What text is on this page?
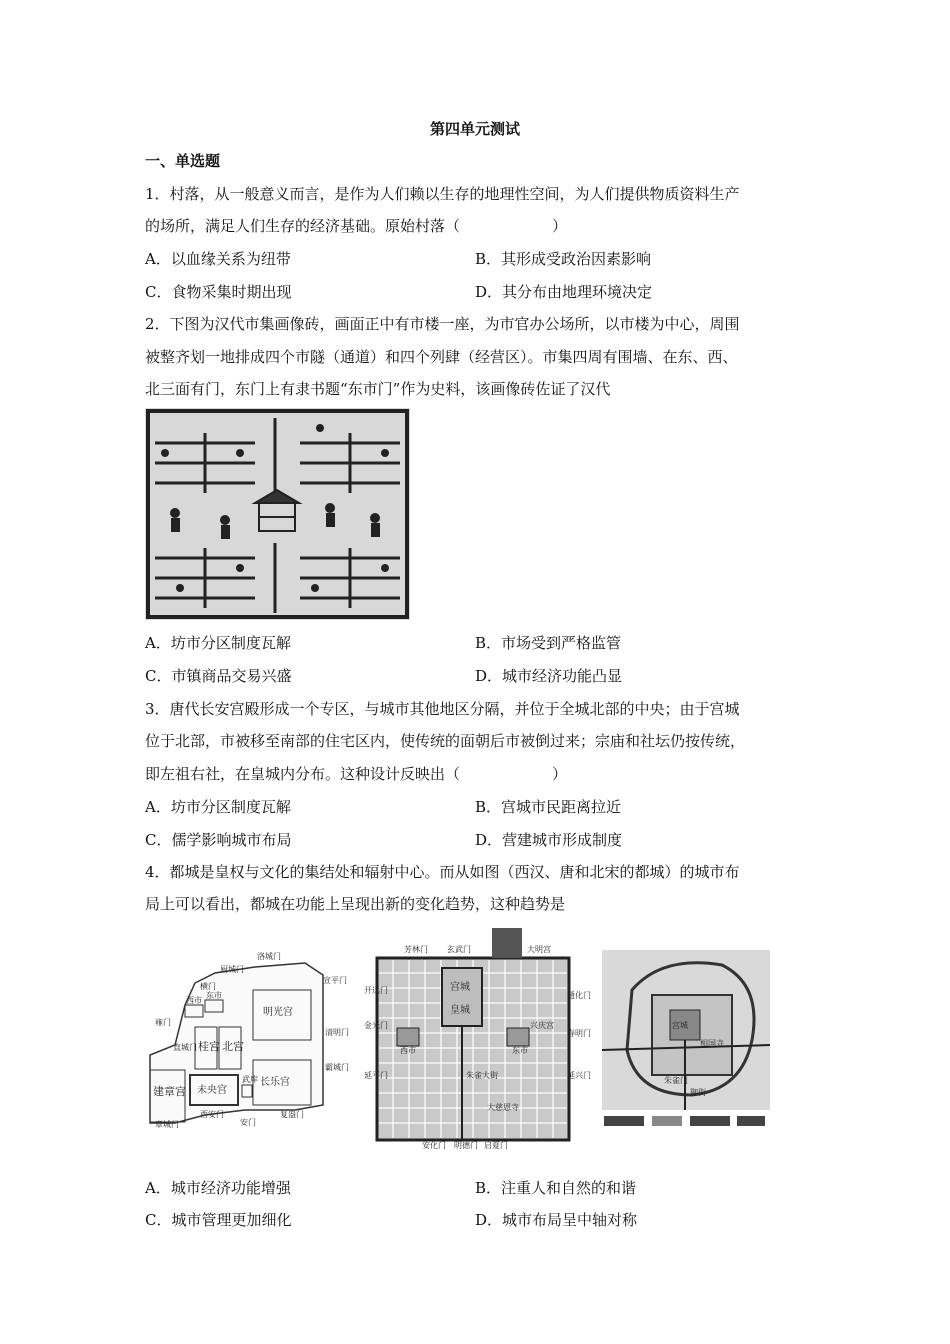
第四单元测试
一、单选题
1．村落，从一般意义而言，是作为人们赖以生存的地理性空间，为人们提供物质资料生产
的场所，满足人们生存的经济基础。原始村落（	）
A．以血缘关系为纽带	B．其形成受政治因素影响
C．食物采集时期出现	D．其分布由地理环境决定
2．下图为汉代市集画像砖，画面正中有市楼一座，为市官办公场所，以市楼为中心，周围
被整齐划一地排成四个市隧（通道）和四个列肆（经营区）。市集四周有围墙、在东、西、
北三面有门，东门上有隶书题“东市门”作为史料，该画像砖佐证了汉代
A．坊市分区制度瓦解	B．市场受到严格监管
C．市镇商品交易兴盛	D．城市经济功能凸显
3．唐代长安宫殿形成一个专区，与城市其他地区分隔，并位于全城北部的中央；由于宫城
位于北部，市被移至南部的住宅区内，使传统的面朝后市被倒过来；宗庙和社坛仍按传统，
即左祖右社，在皇城内分布。这种设计反映出（	）
A．坊市分区制度瓦解	B．宫城市民距离拉近
C．儒学影响城市布局	D．营建城市形成制度
4．都城是皇权与文化的集结处和辐射中心。而从如图（西汉、唐和北宋的都城）的城市布
局上可以看出，都城在功能上呈现出新的变化趋势，这种趋势是
洛城门
厨城门
横门
宣平门
西市
东市
明光宫
雍门
清明门
直城门 桂宫 北宫
霸城门
建章宫
长乐宫
章城门
未央宫
武库
西安门
安门
复盎门
芳林门 玄武门	大明宫
开远门	宫城
皇城
通化门
金光门
春明门
西市	东市
兴庆宫
延平门	朱雀大街	延兴门
大慈恩寺
安化门 明德门 启夏门
宫城
相国寺
朱雀门
御街
A．城市经济功能增强	B．注重人和自然的和谐
C．城市管理更加细化	D．城市布局呈中轴对称
